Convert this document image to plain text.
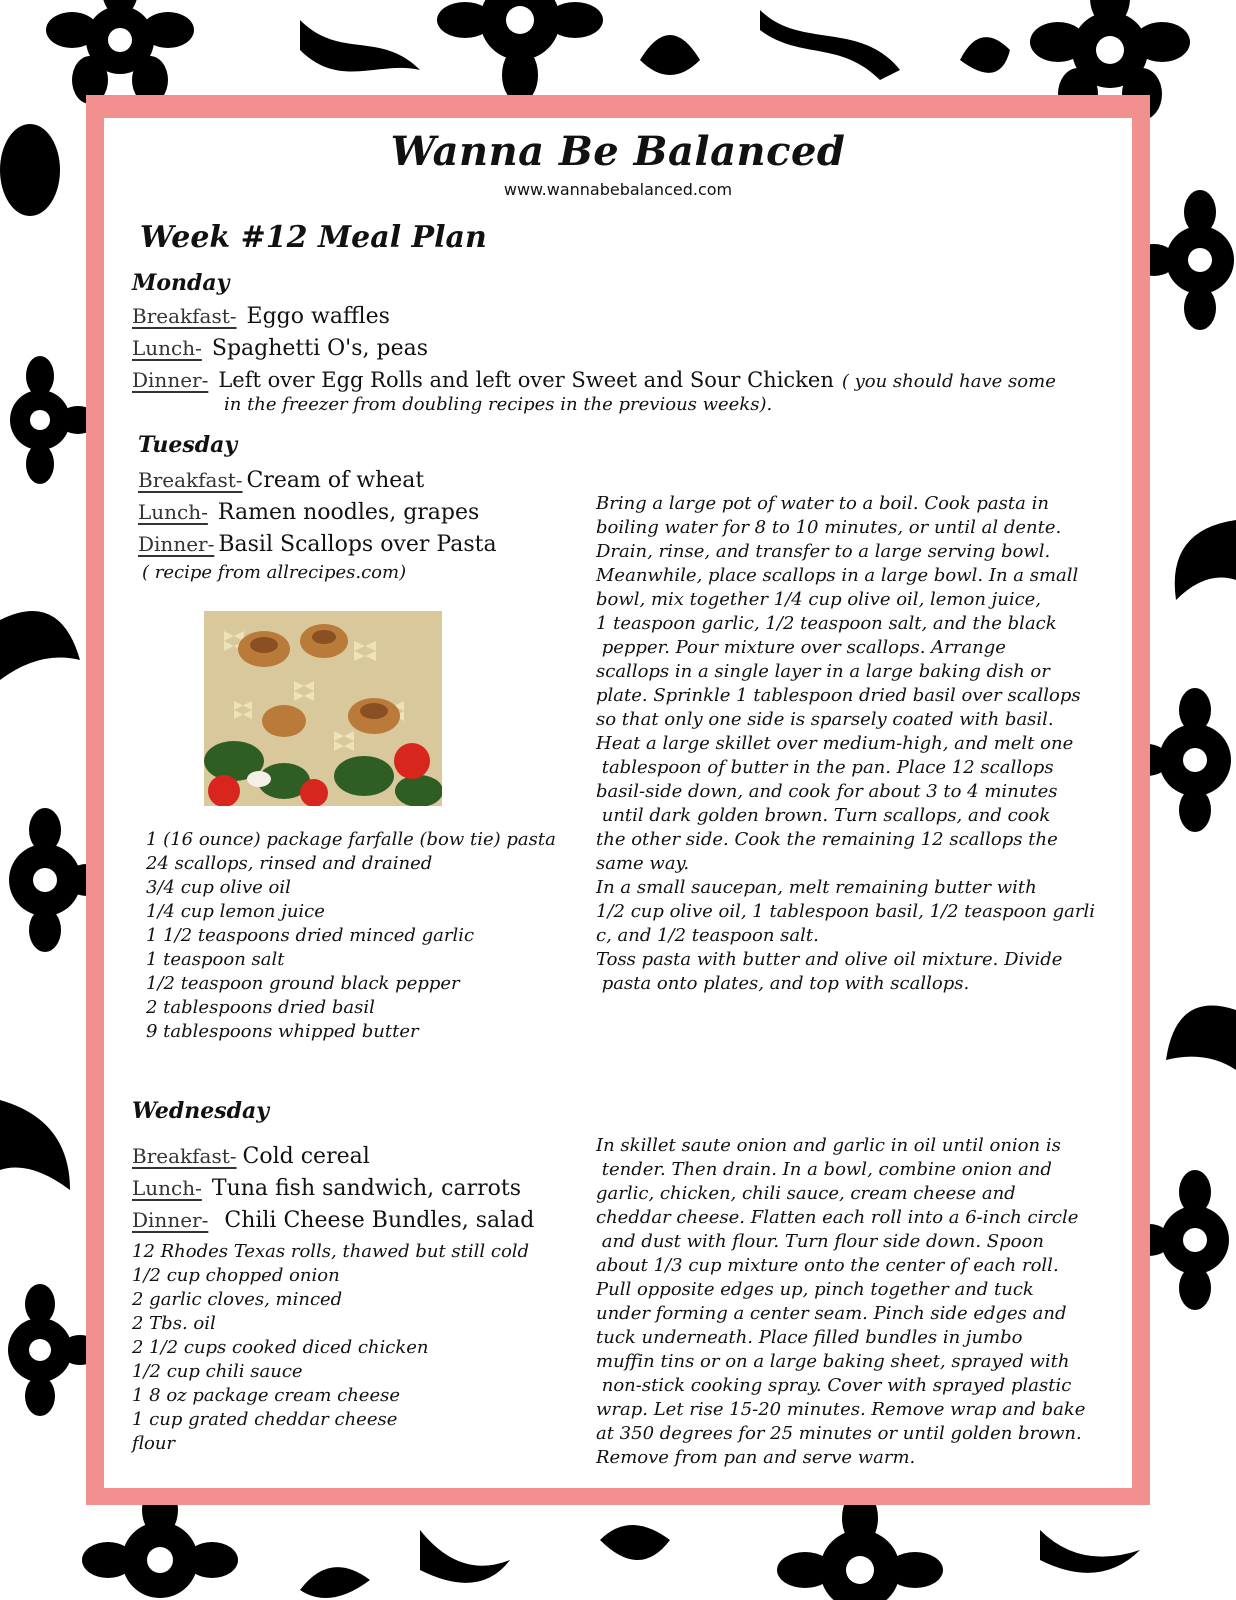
Wanna Be Balanced
www.wannabebalanced.com
Week #12 Meal Plan
Monday
Breakfast- Eggo waffles
Lunch- Spaghetti O's, peas
Dinner- Left over Egg Rolls and left over Sweet and Sour Chicken ( you should have some
in the freezer from doubling recipes in the previous weeks).
Tuesday
Breakfast- Cream of wheat
Lunch- Ramen noodles, grapes
Dinner- Basil Scallops over Pasta
( recipe from allrecipes.com)
1 (16 ounce) package farfalle (bow tie) pasta
24 scallops, rinsed and drained
3/4 cup olive oil
1/4 cup lemon juice
1 1/2 teaspoons dried minced garlic
1 teaspoon salt
1/2 teaspoon ground black pepper
2 tablespoons dried basil
9 tablespoons whipped butter
Bring a large pot of water to a boil. Cook pasta in
boiling water for 8 to 10 minutes, or until al dente.
Drain, rinse, and transfer to a large serving bowl.
Meanwhile, place scallops in a large bowl. In a small
bowl, mix together 1/4 cup olive oil, lemon juice,
1 teaspoon garlic, 1/2 teaspoon salt, and the black
pepper. Pour mixture over scallops. Arrange
scallops in a single layer in a large baking dish or
plate. Sprinkle 1 tablespoon dried basil over scallops
so that only one side is sparsely coated with basil.
Heat a large skillet over medium-high, and melt one
tablespoon of butter in the pan. Place 12 scallops
basil-side down, and cook for about 3 to 4 minutes
until dark golden brown. Turn scallops, and cook
the other side. Cook the remaining 12 scallops the
same way.
In a small saucepan, melt remaining butter with
1/2 cup olive oil, 1 tablespoon basil, 1/2 teaspoon garli
c, and 1/2 teaspoon salt.
Toss pasta with butter and olive oil mixture. Divide
pasta onto plates, and top with scallops.
Wednesday
Breakfast- Cold cereal
Lunch- Tuna fish sandwich, carrots
Dinner- Chili Cheese Bundles, salad
12 Rhodes Texas rolls, thawed but still cold
1/2 cup chopped onion
2 garlic cloves, minced
2 Tbs. oil
2 1/2 cups cooked diced chicken
1/2 cup chili sauce
1 8 oz package cream cheese
1 cup grated cheddar cheese
flour
In skillet saute onion and garlic in oil until onion is
tender. Then drain. In a bowl, combine onion and
garlic, chicken, chili sauce, cream cheese and
cheddar cheese. Flatten each roll into a 6-inch circle
and dust with flour. Turn flour side down. Spoon
about 1/3 cup mixture onto the center of each roll.
Pull opposite edges up, pinch together and tuck
under forming a center seam. Pinch side edges and
tuck underneath. Place filled bundles in jumbo
muffin tins or on a large baking sheet, sprayed with
non-stick cooking spray. Cover with sprayed plastic
wrap. Let rise 15-20 minutes. Remove wrap and bake
at 350 degrees for 25 minutes or until golden brown.
Remove from pan and serve warm.
